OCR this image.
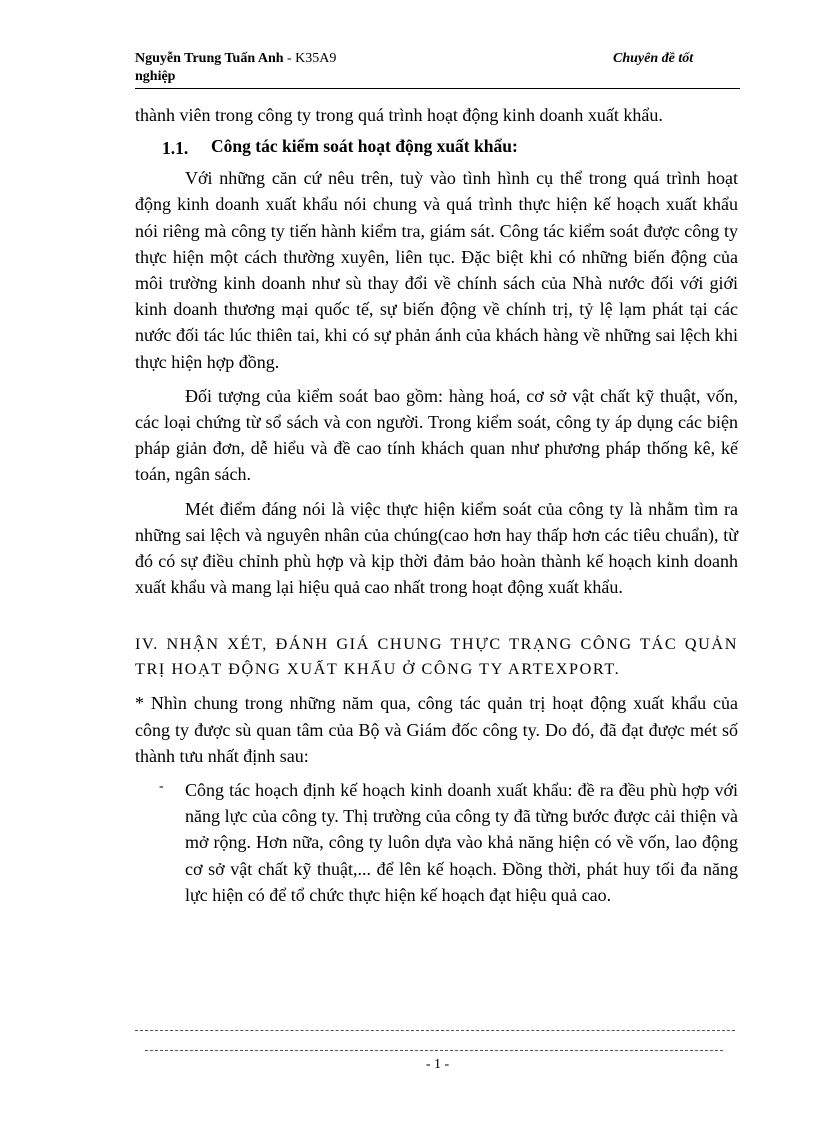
Nguyễn Trung Tuấn Anh - K35A9
nghiệp
Chuyên đề tốt

thành viên trong công ty trong quá trình hoạt động kinh doanh xuất khẩu.

1.1. Công tác kiểm soát hoạt động xuất khẩu:

Với những căn cứ nêu trên, tuỳ vào tình hình cụ thể trong quá trình hoạt động kinh doanh xuất khẩu nói chung và quá trình thực hiện kế hoạch xuất khẩu nói riêng mà công ty tiến hành kiểm tra, giám sát. Công tác kiểm soát được công ty thực hiện một cách thường xuyên, liên tục. Đặc biệt khi có những biến động của môi trường kinh doanh như sù thay đổi về chính sách của Nhà nước đối với giới kinh doanh thương mại quốc tế, sự biến động về chính trị, tỷ lệ lạm phát tại các nước đối tác lúc thiên tai, khi có sự phản ánh của khách hàng về những sai lệch khi thực hiện hợp đồng.

Đối tượng của kiểm soát bao gồm: hàng hoá, cơ sở vật chất kỹ thuật, vốn, các loại chứng từ sổ sách và con người. Trong kiểm soát, công ty áp dụng các biện pháp giản đơn, dễ hiểu và đề cao tính khách quan như phương pháp thống kê, kế toán, ngân sách.

Mét điểm đáng nói là việc thực hiện kiểm soát của công ty là nhằm tìm ra những sai lệch và nguyên nhân của chúng(cao hơn hay thấp hơn các tiêu chuẩn), từ đó có sự điều chỉnh phù hợp và kịp thời đảm bảo hoàn thành kế hoạch kinh doanh xuất khẩu và mang lại hiệu quả cao nhất trong hoạt động xuất khẩu.

IV. NHẬN XÉT, ĐÁNH GIÁ CHUNG THỰC TRẠNG CÔNG TÁC QUẢN TRỊ HOẠT ĐỘNG XUẤT KHẨU Ở CÔNG TY ARTEXPORT.

* Nhìn chung trong những năm qua, công tác quản trị hoạt động xuất khẩu của công ty được sù quan tâm của Bộ và Giám đốc công ty. Do đó, đã đạt được mét số thành tưu nhất định sau:

- Công tác hoạch định kế hoạch kinh doanh xuất khẩu: đề ra đều phù hợp với năng lực của công ty. Thị trường của công ty đã từng bước được cải thiện và mở rộng. Hơn nữa, công ty luôn dựa vào khả năng hiện có về vốn, lao động cơ sở vật chất kỹ thuật,... để lên kế hoạch. Đồng thời, phát huy tối đa năng lực hiện có để tổ chức thực hiện kế hoạch đạt hiệu quả cao.

- 1 -
